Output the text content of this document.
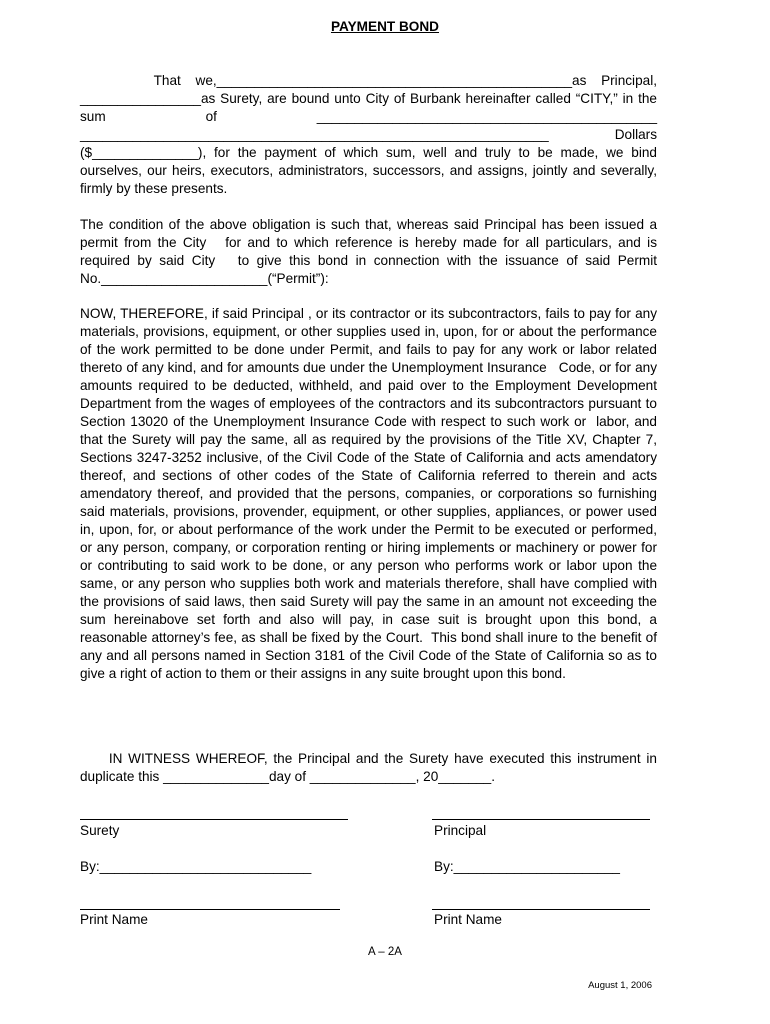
PAYMENT BOND

That we,_______________________________________________as Principal, ________________as Surety, are bound unto City of Burbank hereinafter called “CITY,” in the sum of _____________________________________________ ______________________________________________________________ Dollars ($______________), for the payment of which sum, well and truly to be made, we bind ourselves, our heirs, executors, administrators, successors, and assigns, jointly and severally, firmly by these presents.

The condition of the above obligation is such that, whereas said Principal has been issued a permit from the City   for and to which reference is hereby made for all particulars, and is required by said City   to give this bond in connection with the issuance of said Permit No.______________________(“Permit”):

NOW, THEREFORE, if said Principal , or its contractor or its subcontractors, fails to pay for any materials, provisions, equipment, or other supplies used in, upon, for or about the performance of the work permitted to be done under Permit, and fails to pay for any work or labor related thereto of any kind, and for amounts due under the Unemployment Insurance   Code, or for any amounts required to be deducted, withheld, and paid over to the Employment Development Department from the wages of employees of the contractors and its subcontractors pursuant to Section 13020 of the Unemployment Insurance Code with respect to such work or  labor, and that the Surety will pay the same, all as required by the provisions of the Title XV, Chapter 7, Sections 3247-3252 inclusive, of the Civil Code of the State of California and acts amendatory thereof, and sections of other codes of the State of California referred to therein and acts amendatory thereof, and provided that the persons, companies, or corporations so furnishing said materials, provisions, provender, equipment, or other supplies, appliances, or power used in, upon, for, or about performance of the work under the Permit to be executed or performed, or any person, company, or corporation renting or hiring implements or machinery or power for or contributing to said work to be done, or any person who performs work or labor upon the same, or any person who supplies both work and materials therefore, shall have complied with the provisions of said laws, then said Surety will pay the same in an amount not exceeding the sum hereinabove set forth and also will pay, in case suit is brought upon this bond, a reasonable attorney’s fee, as shall be fixed by the Court.  This bond shall inure to the benefit of any and all persons named in Section 3181 of the Civil Code of the State of California so as to give a right of action to them or their assigns in any suite brought upon this bond.

IN WITNESS WHEREOF, the Principal and the Surety have executed this instrument in duplicate this ______________day of ______________, 20_______.

Surety	Principal
By:____________________________	By:______________________
Print Name	Print Name
A – 2A
August 1, 2006
